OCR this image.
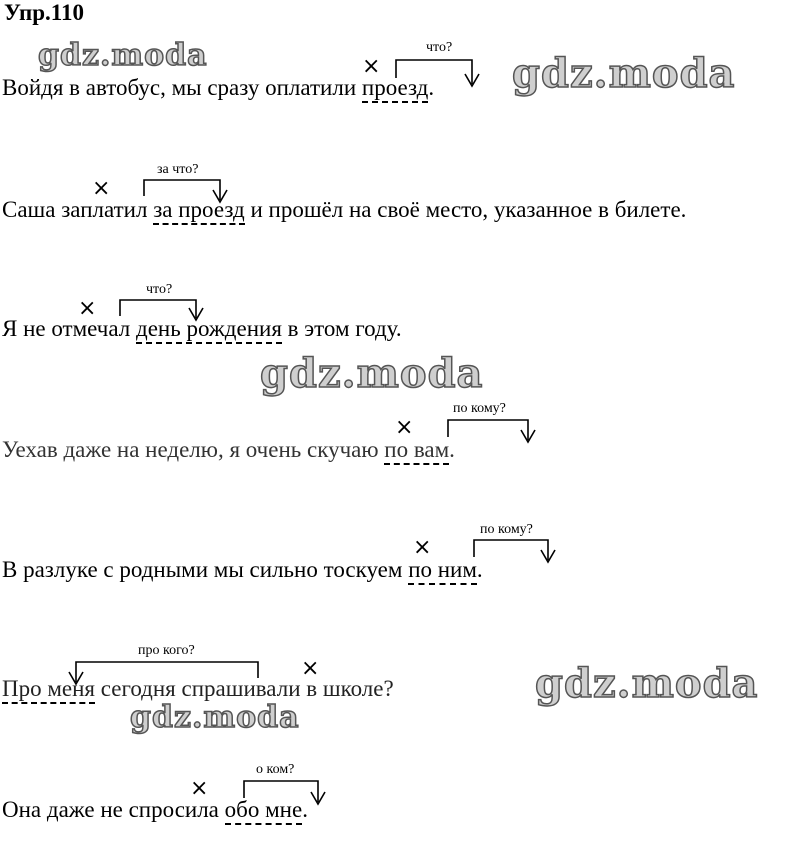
Упр.110
gdz.moda	gdz.moda
gdz.moda
gdz.moda
gdz.moda
Войдя в автобус, мы сразу оплатили проезд.
что?
×
Саша заплатил за проезд и прошёл на своё место, указанное в билете.
за что?
×
Я не отмечал день рождения в этом году.
что?
×
Уехав даже на неделю, я очень скучаю по вам.
по кому?
×
В разлуке с родными мы сильно тоскуем по ним.
по кому?
×
Про меня сегодня спрашивали в школе?
про кого?
×
Она даже не спросила обо мне.
о ком?
×
